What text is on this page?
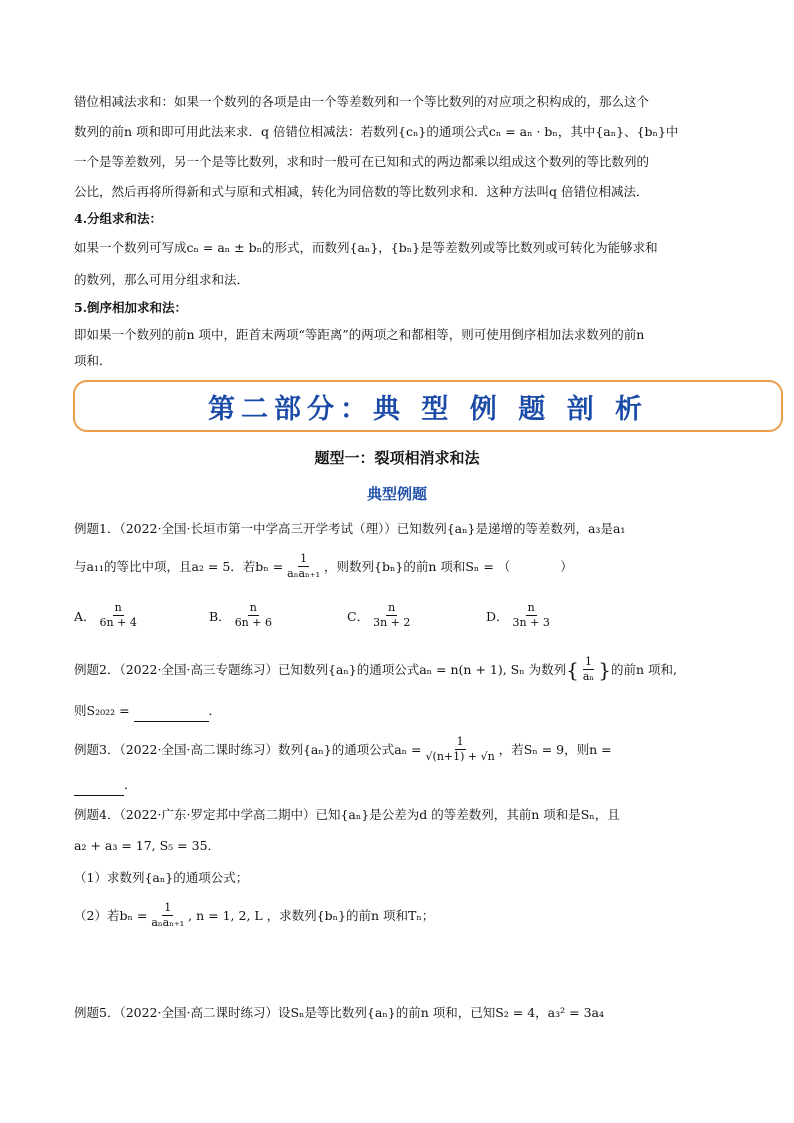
错位相减法求和：如果一个数列的各项是由一个等差数列和一个等比数列的对应项之积构成的，那么这个
数列的前n 项和即可用此法来求．q 倍错位相减法：若数列{cₙ}的通项公式cₙ = aₙ · bₙ，其中{aₙ}、{bₙ}中
一个是等差数列，另一个是等比数列，求和时一般可在已知和式的两边都乘以组成这个数列的等比数列的
公比，然后再将所得新和式与原和式相减，转化为同倍数的等比数列求和．这种方法叫q 倍错位相减法．
4.分组求和法：
如果一个数列可写成cₙ = aₙ ± bₙ的形式，而数列{aₙ}，{bₙ}是等差数列或等比数列或可转化为能够求和
的数列，那么可用分组求和法．
5.倒序相加求和法：
即如果一个数列的前n 项中，距首末两项“等距离”的两项之和都相等，则可使用倒序相加法求数列的前n
项和．
第二部分：典 型 例 题 剖 析
题型一：裂项相消求和法
典型例题
例题1．（2022·全国·长垣市第一中学高三开学考试（理））已知数列{aₙ}是递增的等差数列，a₃是a₁
与a₁₁的等比中项，且a₂ = 5．若$b_n = \frac{1}{\text{aₙaₙ₊₁}}$ ，则数列{bₙ}的前n 项和Sₙ = （　　　　）
A． $\frac{n}{6n + 4}$	B． $\frac{n}{6n + 6}$	C． $\frac{n}{3n + 2}$	D． $\frac{n}{3n + 3}$
例题2．（2022·全国·高三专题练习）已知数列{aₙ}的通项公式aₙ = n(n + 1), Sₙ 为数列 { $\frac{1}{\text{aₙ}}$ } 的前n 项和,
则S₂₀₂₂ = 　　　　　　	．
例题3．（2022·全国·高二课时练习）数列{aₙ}的通项公式$a_n = \frac{1}{√(n+1) + √n}$ ，若Sₙ = 9，则n =
　　　　．
例题4．（2022·广东·罗定邦中学高二期中）已知{aₙ}是公差为d 的等差数列，其前n 项和是Sₙ，且
a₂ + a₃ = 17, S₅ = 35．
（1）求数列{aₙ}的通项公式；
（2）若$b_n = \frac{1}{\text{aₙaₙ₊₁}}$ , n = 1, 2, L ，求数列{bₙ}的前n 项和Tₙ；
例题5．（2022·全国·高二课时练习）设Sₙ是等比数列{aₙ}的前n 项和，已知S₂ = 4，a₃² = 3a₄
